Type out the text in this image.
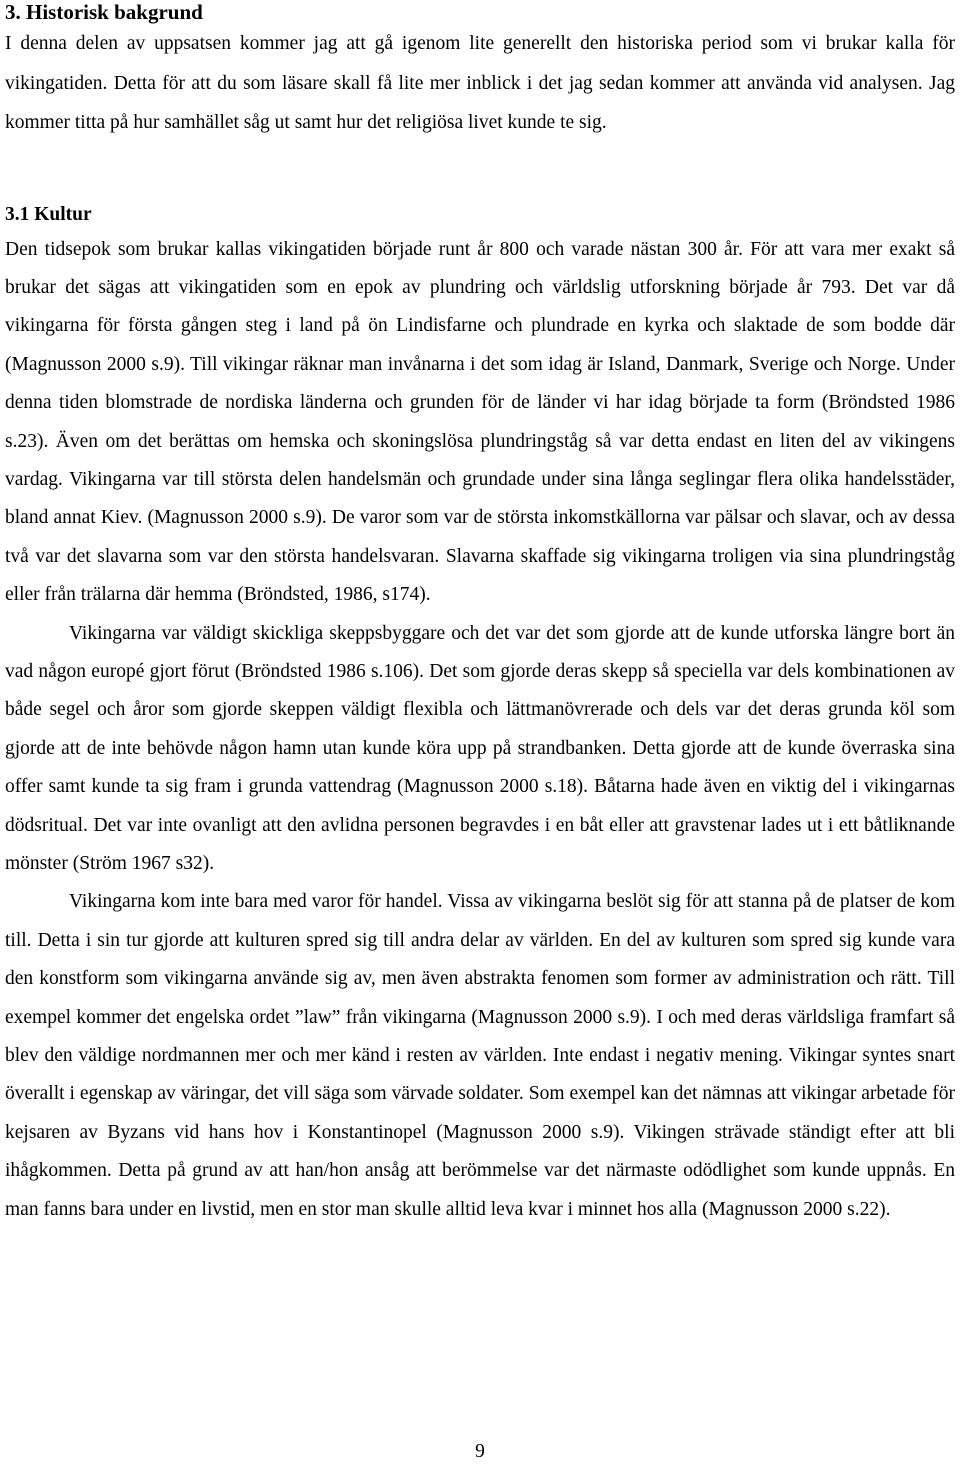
3. Historisk bakgrund

I denna delen av uppsatsen kommer jag att gå igenom lite generellt den historiska period som vi brukar kalla för vikingatiden. Detta för att du som läsare skall få lite mer inblick i det jag sedan kommer att använda vid analysen. Jag kommer titta på hur samhället såg ut samt hur det religiösa livet kunde te sig.

3.1 Kultur

Den tidsepok som brukar kallas vikingatiden började runt år 800 och varade nästan 300 år. För att vara mer exakt så brukar det sägas att vikingatiden som en epok av plundring och världslig utforskning började år 793. Det var då vikingarna för första gången steg i land på ön Lindisfarne och plundrade en kyrka och slaktade de som bodde där (Magnusson 2000 s.9). Till vikingar räknar man invånarna i det som idag är Island, Danmark, Sverige och Norge. Under denna tiden blomstrade de nordiska länderna och grunden för de länder vi har idag började ta form (Bröndsted 1986 s.23). Även om det berättas om hemska och skoningslösa plundringståg så var detta endast en liten del av vikingens vardag. Vikingarna var till största delen handelsmän och grundade under sina långa seglingar flera olika handelsstäder, bland annat Kiev. (Magnusson 2000 s.9). De varor som var de största inkomstkällorna var pälsar och slavar, och av dessa två var det slavarna som var den största handelsvaran. Slavarna skaffade sig vikingarna troligen via sina plundringståg eller från trälarna där hemma (Bröndsted, 1986, s174).

Vikingarna var väldigt skickliga skeppsbyggare och det var det som gjorde att de kunde utforska längre bort än vad någon europé gjort förut (Bröndsted 1986 s.106). Det som gjorde deras skepp så speciella var dels kombinationen av både segel och åror som gjorde skeppen väldigt flexibla och lättmanövrerade och dels var det deras grunda köl som gjorde att de inte behövde någon hamn utan kunde köra upp på strandbanken. Detta gjorde att de kunde överraska sina offer samt kunde ta sig fram i grunda vattendrag (Magnusson 2000 s.18). Båtarna hade även en viktig del i vikingarnas dödsritual. Det var inte ovanligt att den avlidna personen begravdes i en båt eller att gravstenar lades ut i ett båtliknande mönster (Ström 1967 s32).

Vikingarna kom inte bara med varor för handel. Vissa av vikingarna beslöt sig för att stanna på de platser de kom till. Detta i sin tur gjorde att kulturen spred sig till andra delar av världen. En del av kulturen som spred sig kunde vara den konstform som vikingarna använde sig av, men även abstrakta fenomen som former av administration och rätt. Till exempel kommer det engelska ordet ”law” från vikingarna (Magnusson 2000 s.9). I och med deras världsliga framfart så blev den väldige nordmannen mer och mer känd i resten av världen. Inte endast i negativ mening. Vikingar syntes snart överallt i egenskap av väringar, det vill säga som värvade soldater. Som exempel kan det nämnas att vikingar arbetade för kejsaren av Byzans vid hans hov i Konstantinopel (Magnusson 2000 s.9). Vikingen strävade ständigt efter att bli ihågkommen. Detta på grund av att han/hon ansåg att berömmelse var det närmaste odödlighet som kunde uppnås. En man fanns bara under en livstid, men en stor man skulle alltid leva kvar i minnet hos alla (Magnusson 2000 s.22).

9
